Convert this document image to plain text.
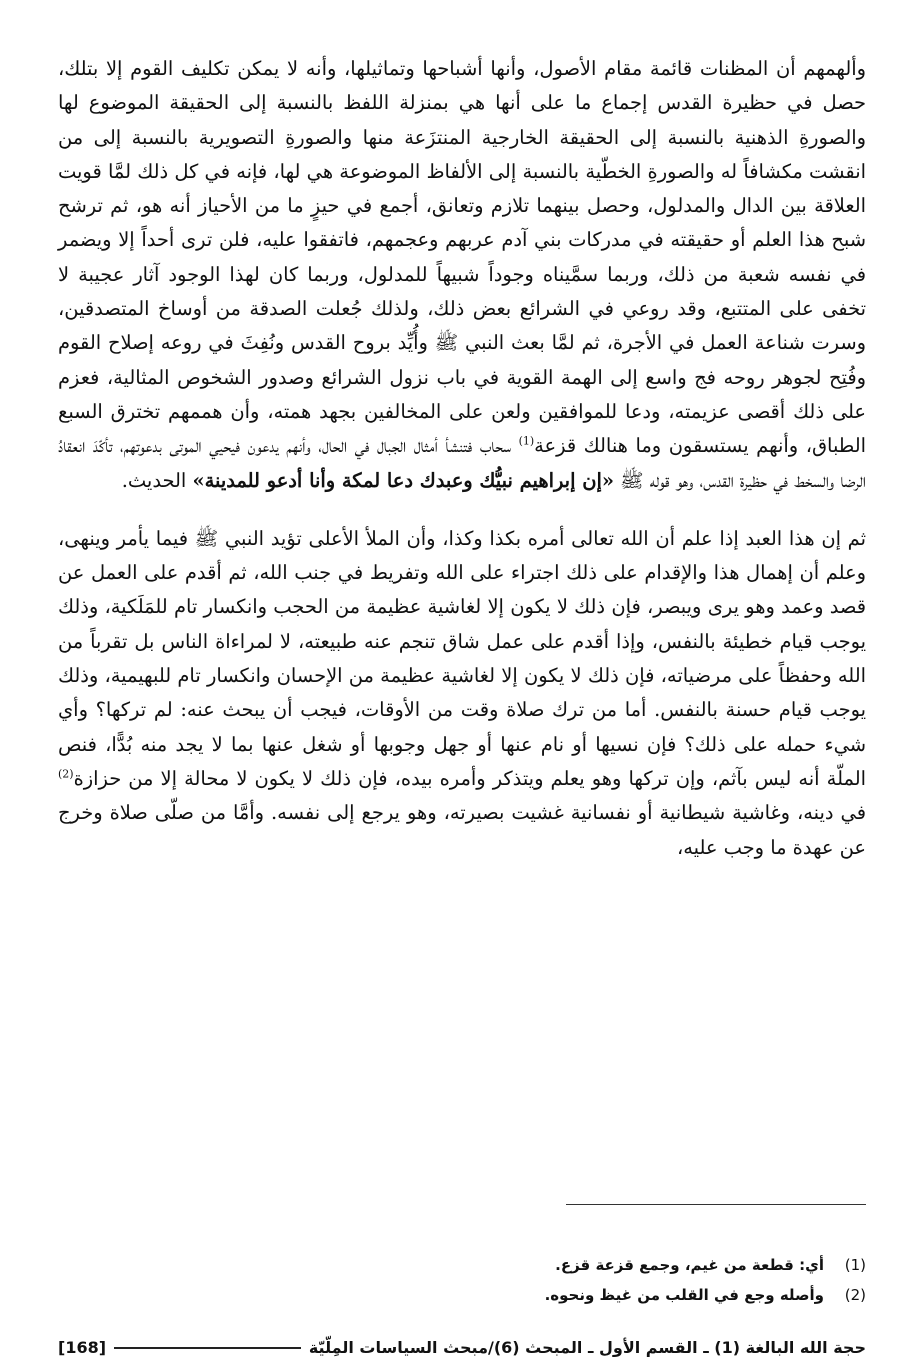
وألهمهم أن المظنات قائمة مقام الأصول، وأنها أشباحها وتماثيلها، وأنه لا يمكن تكليف القوم إلا بتلك، حصل في حظيرة القدس إجماع ما على أنها هي بمنزلة اللفظ بالنسبة إلى الحقيقة الموضوع لها والصورةِ الذهنية بالنسبة إلى الحقيقة الخارجية المنتزَعة منها والصورةِ التصويرية بالنسبة إلى من انقشت مكشافاً له والصورةِ الخطّية بالنسبة إلى الألفاظ الموضوعة هي لها، فإنه في كل ذلك لمَّا قويت العلاقة بين الدال والمدلول، وحصل بينهما تلازم وتعانق، أجمع في حيزٍ ما من الأحياز أنه هو، ثم ترشح شبح هذا العلم أو حقيقته في مدركات بني آدم عربهم وعجمهم، فاتفقوا عليه، فلن ترى أحداً إلا ويضمر في نفسه شعبة من ذلك، وربما سمَّيناه وجوداً شبيهاً للمدلول، وربما كان لهذا الوجود آثار عجيبة لا تخفى على المتتبع، وقد روعي في الشرائع بعض ذلك، ولذلك جُعلت الصدقة من أوساخ المتصدقين، وسرت شناعة العمل في الأجرة، ثم لمَّا بعث النبي ﷺ وأُيِّد بروح القدس ونُفِثَ في روعه إصلاح القوم وفُتِح لجوهر روحه فج واسع إلى الهمة القوية في باب نزول الشرائع وصدور الشخوص المثالية، فعزم على ذلك أقصى عزيمته، ودعا للموافقين ولعن على المخالفين بجهد همته، وأن هممهم تخترق السبع الطباق، وأنهم يستسقون وما هنالك قزعة$^{(1)}$ سحاب فتنشأ أمثال الجبال في الحال، وأنهم يدعون فيحيي الموتى بدعوتهم، تأكّدَ انعقادُ الرضا والسخط في حظيرة القدس، وهو قوله ﷺ «إن إبراهيم نبيُّك وعبدك دعا لمكة وأنا أدعو للمدينة» الحديث.

ثم إن هذا العبد إذا علم أن الله تعالى أمره بكذا وكذا، وأن الملأ الأعلى تؤيد النبي ﷺ فيما يأمر وينهى، وعلم أن إهمال هذا والإقدام على ذلك اجتراء على الله وتفريط في جنب الله، ثم أقدم على العمل عن قصد وعمد وهو يرى ويبصر، فإن ذلك لا يكون إلا لغاشية عظيمة من الحجب وانكسار تام للمَلَكية، وذلك يوجب قيام خطيئة بالنفس، وإذا أقدم على عمل شاق تنجم عنه طبيعته، لا لمراءاة الناس بل تقرباً من الله وحفظاً على مرضياته، فإن ذلك لا يكون إلا لغاشية عظيمة من الإحسان وانكسار تام للبهيمية، وذلك يوجب قيام حسنة بالنفس. أما من ترك صلاة وقت من الأوقات، فيجب أن يبحث عنه: لم تركها؟ وأي شيء حمله على ذلك؟ فإن نسيها أو نام عنها أو جهل وجوبها أو شغل عنها بما لا يجد منه بُدًّا، فنص الملّة أنه ليس بآثم، وإن تركها وهو يعلم ويتذكر وأمره بيده، فإن ذلك لا يكون لا محالة إلا من حزازة$^{(2)}$ في دينه، وغاشية شيطانية أو نفسانية غشيت بصيرته، وهو يرجع إلى نفسه. وأمَّا من صلّى صلاة وخرج عن عهدة ما وجب عليه،

(1)أي: قطعة من غيم، وجمع قزعة قزع.
(2)وأصله وجع في القلب من غيظ ونحوه.
حجة الله البالغة (1) ـ القسم الأول ـ المبحث (6)/مبحث السياسات المِلّيّة
[168]
